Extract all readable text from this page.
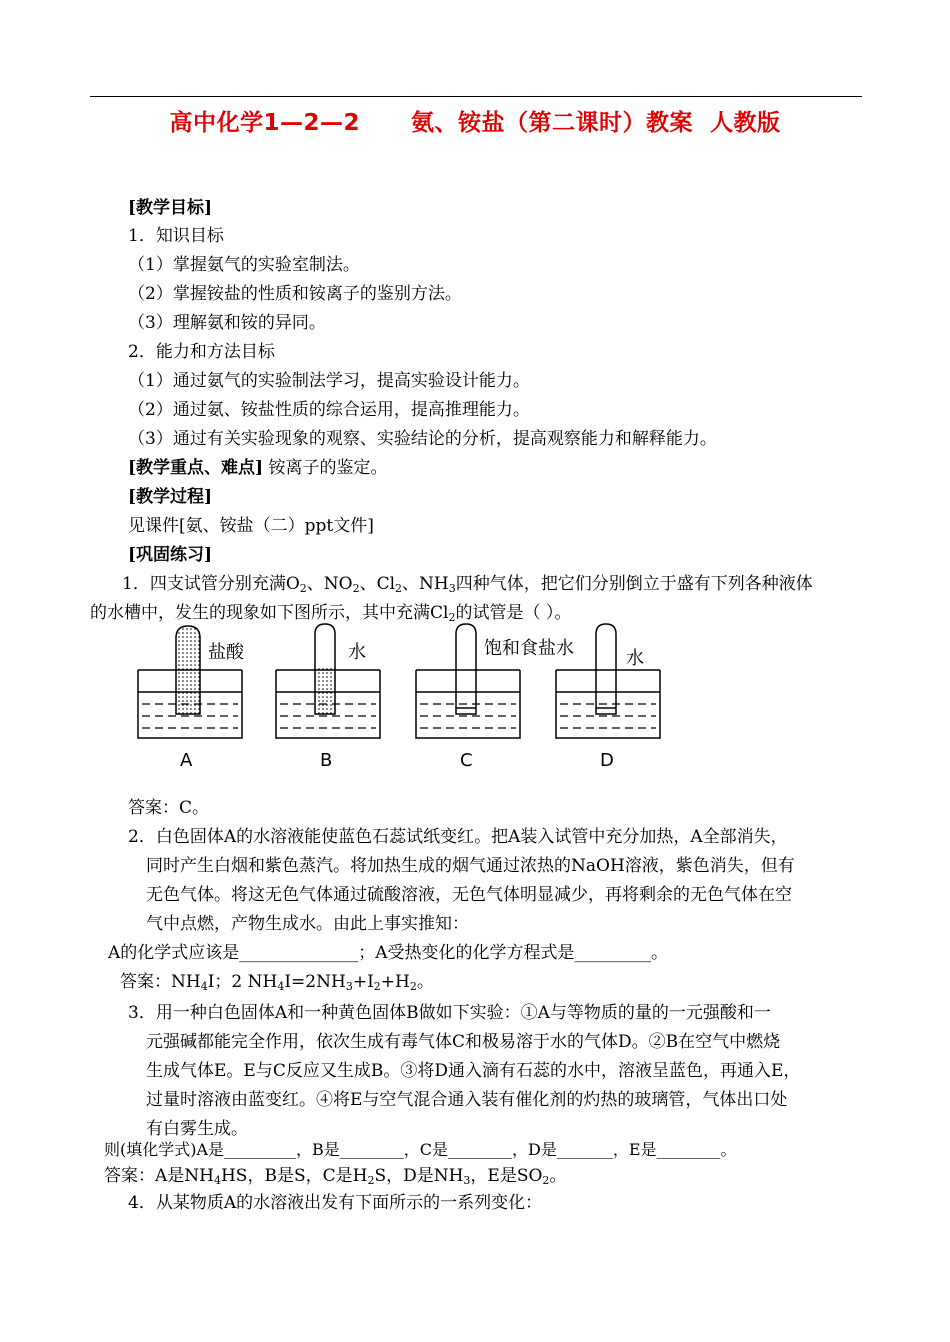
高中化学1—2—2      氨、铵盐（第二课时）教案  人教版
[教学目标]
1．知识目标
（1）掌握氨气的实验室制法。
（2）掌握铵盐的性质和铵离子的鉴别方法。
（3）理解氨和铵的异同。
2．能力和方法目标
（1）通过氨气的实验制法学习，提高实验设计能力。
（2）通过氨、铵盐性质的综合运用，提高推理能力。
（3）通过有关实验现象的观察、实验结论的分析，提高观察能力和解释能力。
[教学重点、难点] 铵离子的鉴定。
[教学过程]
见课件[氨、铵盐（二）ppt文件]
[巩固练习]
1．四支试管分别充满$O_2$、$NO_2$、$Cl_2$、$NH_3$四种气体，把它们分别倒立于盛有下列各种液体
的水槽中，发生的现象如下图所示，其中充满$Cl_2$的试管是（ ）。
盐酸	水	饱和食盐水	水
A	B	C	D
答案：C。
2．白色固体A的水溶液能使蓝色石蕊试纸变红。把A装入试管中充分加热，A全部消失，
同时产生白烟和紫色蒸汽。将加热生成的烟气通过浓热的NaOH溶液，紫色消失，但有
无色气体。将这无色气体通过硫酸溶液，无色气体明显减少，再将剩余的无色气体在空
气中点燃，产物生成水。由此上事实推知：
A的化学式应该是______________；A受热变化的化学方程式是_________。
答案：$NH_4I$；2 $NH_4I=2NH_3+I_2+H_2$。
3．用一种白色固体A和一种黄色固体B做如下实验：①A与等物质的量的一元强酸和一
元强碱都能完全作用，依次生成有毒气体C和极易溶于水的气体D。②B在空气中燃烧
生成气体E。E与C反应又生成B。③将D通入滴有石蕊的水中，溶液呈蓝色，再通入E，
过量时溶液由蓝变红。④将E与空气混合通入装有催化剂的灼热的玻璃管，气体出口处
有白雾生成。
则(填化学式)A是_________，B是________，C是________，D是_______，E是________。
答案：A是$NH_4HS$，B是S，C是$H_2S$，D是$NH_3$，E是$SO_2$。
4．从某物质A的水溶液出发有下面所示的一系列变化：
